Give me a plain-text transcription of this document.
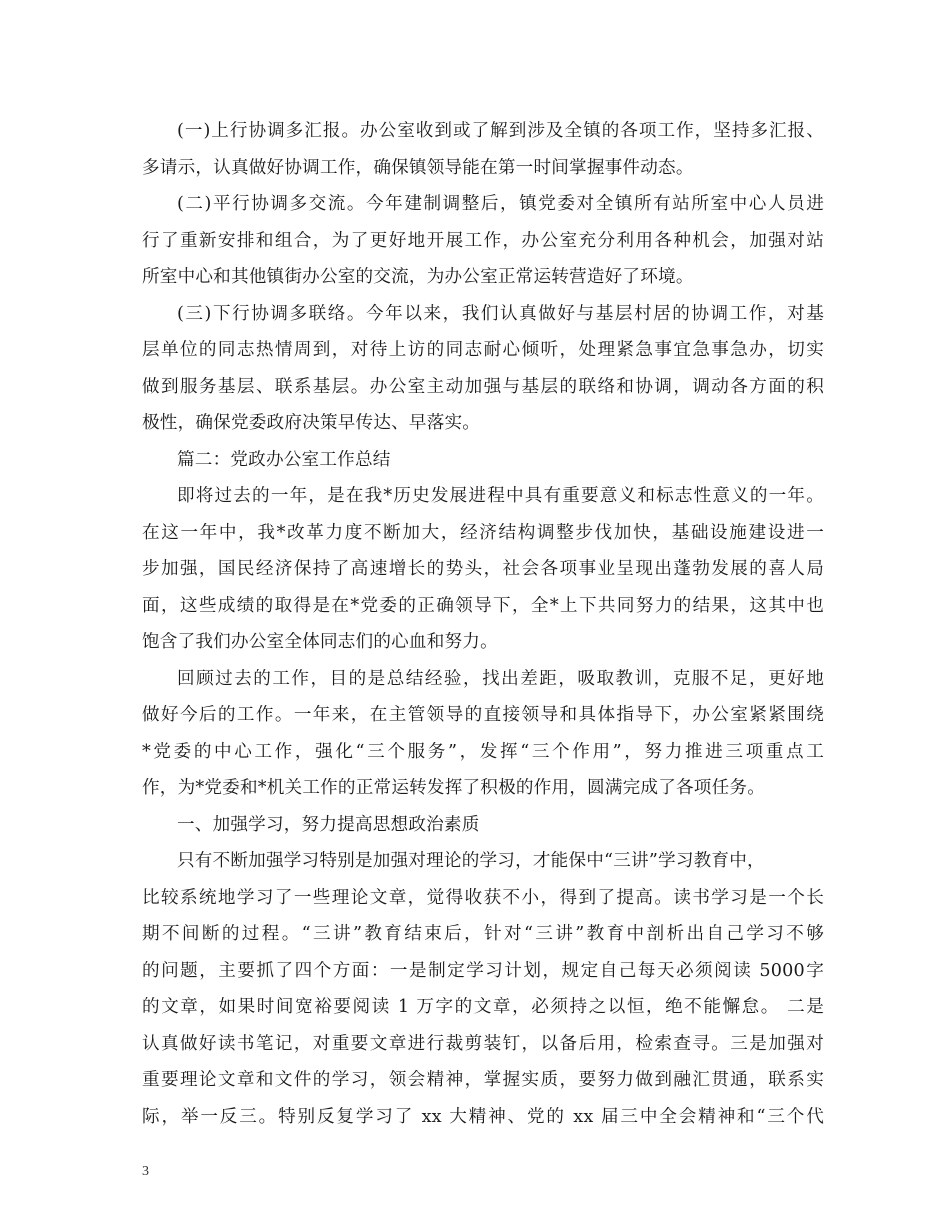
(一)上行协调多汇报。办公室收到或了解到涉及全镇的各项工作，坚持多汇报、
多请示，认真做好协调工作，确保镇领导能在第一时间掌握事件动态。
(二)平行协调多交流。今年建制调整后，镇党委对全镇所有站所室中心人员进
行了重新安排和组合，为了更好地开展工作，办公室充分利用各种机会，加强对站
所室中心和其他镇街办公室的交流，为办公室正常运转营造好了环境。
(三)下行协调多联络。今年以来，我们认真做好与基层村居的协调工作，对基
层单位的同志热情周到，对待上访的同志耐心倾听，处理紧急事宜急事急办，切实
做到服务基层、联系基层。办公室主动加强与基层的联络和协调，调动各方面的积
极性，确保党委政府决策早传达、早落实。
篇二：党政办公室工作总结
即将过去的一年，是在我*历史发展进程中具有重要意义和标志性意义的一年。
在这一年中，我*改革力度不断加大，经济结构调整步伐加快，基础设施建设进一
步加强，国民经济保持了高速增长的势头，社会各项事业呈现出蓬勃发展的喜人局
面，这些成绩的取得是在*党委的正确领导下，全*上下共同努力的结果，这其中也
饱含了我们办公室全体同志们的心血和努力。
回顾过去的工作，目的是总结经验，找出差距，吸取教训，克服不足，更好地
做好今后的工作。一年来，在主管领导的直接领导和具体指导下，办公室紧紧围绕
*党委的中心工作，强化“三个服务”，发挥“三个作用”，努力推进三项重点工
作，为*党委和*机关工作的正常运转发挥了积极的作用，圆满完成了各项任务。
一、加强学习，努力提高思想政治素质
只有不断加强学习特别是加强对理论的学习，才能保中“三讲”学习教育中，
比较系统地学习了一些理论文章，觉得收获不小，得到了提高。读书学习是一个长
期不间断的过程。“三讲”教育结束后，针对“三讲”教育中剖析出自己学习不够
的问题，主要抓了四个方面：一是制定学习计划，规定自己每天必须阅读 5000字
的文章，如果时间宽裕要阅读 1 万字的文章，必须持之以恒，绝不能懈怠。 二是
认真做好读书笔记，对重要文章进行裁剪装钉，以备后用，检索查寻。三是加强对
重要理论文章和文件的学习，领会精神，掌握实质，要努力做到融汇贯通，联系实
际，举一反三。特别反复学习了 xx 大精神、党的 xx 届三中全会精神和“三个代
3
